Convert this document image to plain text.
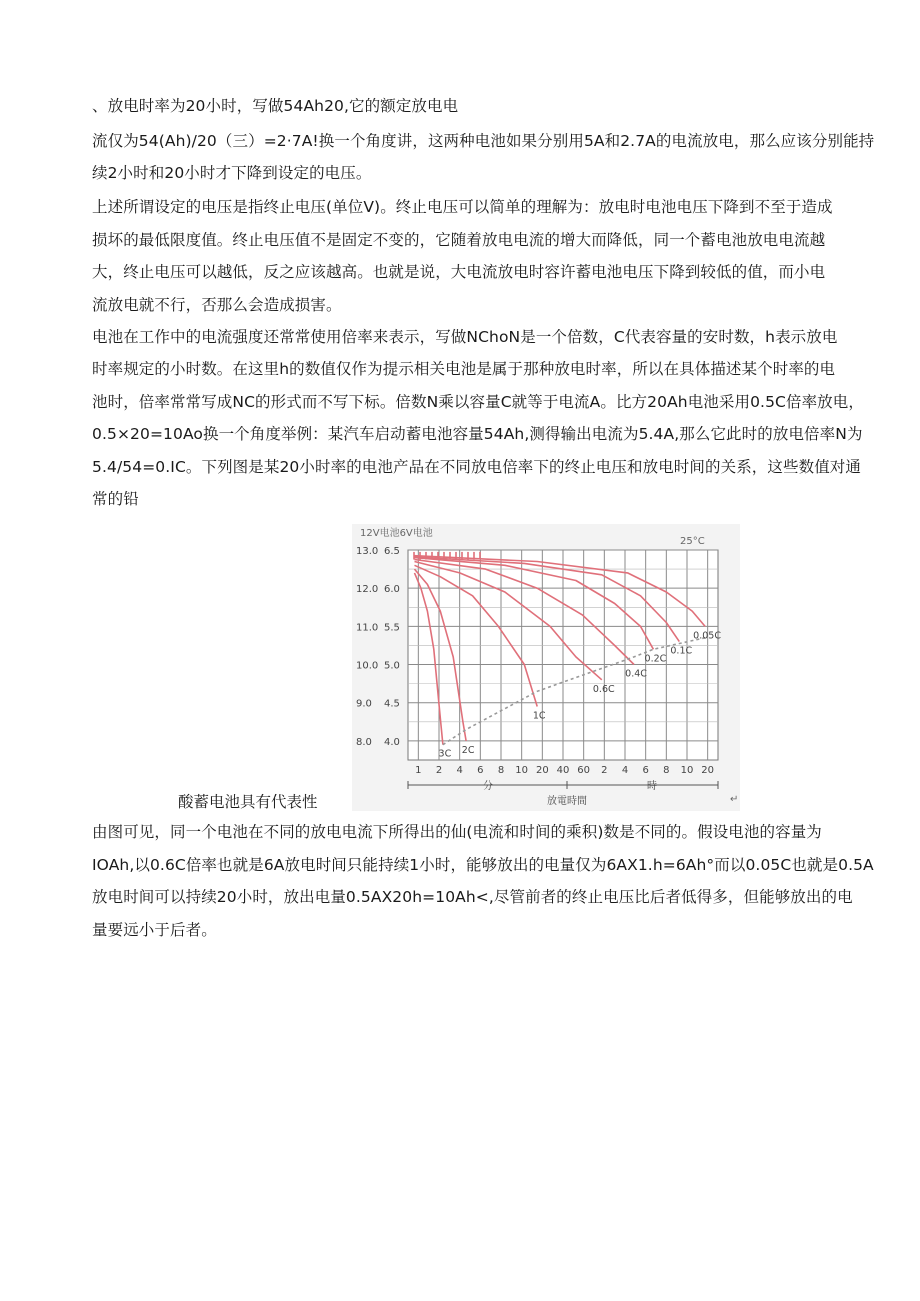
、放电时率为20小时，写做54Ah20,它的额定放电电
流仅为54(Ah)/20（三）=2·7A!换一个角度讲，这两种电池如果分别用5A和2.7A的电流放电，那么应该分别能持
续2小时和20小时才下降到设定的电压。
上述所谓设定的电压是指终止电压(单位V)。终止电压可以简单的理解为：放电时电池电压下降到不至于造成
损坏的最低限度值。终止电压值不是固定不变的，它随着放电电流的增大而降低，同一个蓄电池放电电流越
大，终止电压可以越低，反之应该越高。也就是说，大电流放电时容许蓄电池电压下降到较低的值，而小电
流放电就不行，否那么会造成损害。
电池在工作中的电流强度还常常使用倍率来表示，写做NChoN是一个倍数，C代表容量的安时数，h表示放电
时率规定的小时数。在这里h的数值仅作为提示相关电池是属于那种放电时率，所以在具体描述某个时率的电
池时，倍率常常写成NC的形式而不写下标。倍数N乘以容量C就等于电流A。比方20Ah电池采用0.5C倍率放电，
0.5×20=10Ao换一个角度举例：某汽车启动蓄电池容量54Ah,测得输出电流为5.4A,那么它此时的放电倍率N为
5.4/54=0.IC。下列图是某20小时率的电池产品在不同放电倍率下的终止电压和放电时间的关系，这些数值对通
常的铅
12V电池6V电池
25°C
13.0 6.5
12.0 6.0
11.0 5.5
10.0 5.0
9.0 4.5
8.0 4.0
1 2 4 6 8 10 20 40 60 2 4 6 8 10 20
3C 2C
1C
0.6C
0.4C
0.2C
0.1C
0.05C
分	時
放電時間
酸蓄电池具有代表性	↵
由图可见，同一个电池在不同的放电电流下所得出的仙(电流和时间的乘积)数是不同的。假设电池的容量为
IOAh,以0.6C倍率也就是6A放电时间只能持续1小时，能够放出的电量仅为6AX1.h=6Ah°而以0.05C也就是0.5A
放电时间可以持续20小时，放出电量0.5AX20h=10Ah<,尽管前者的终止电压比后者低得多，但能够放出的电
量要远小于后者。
